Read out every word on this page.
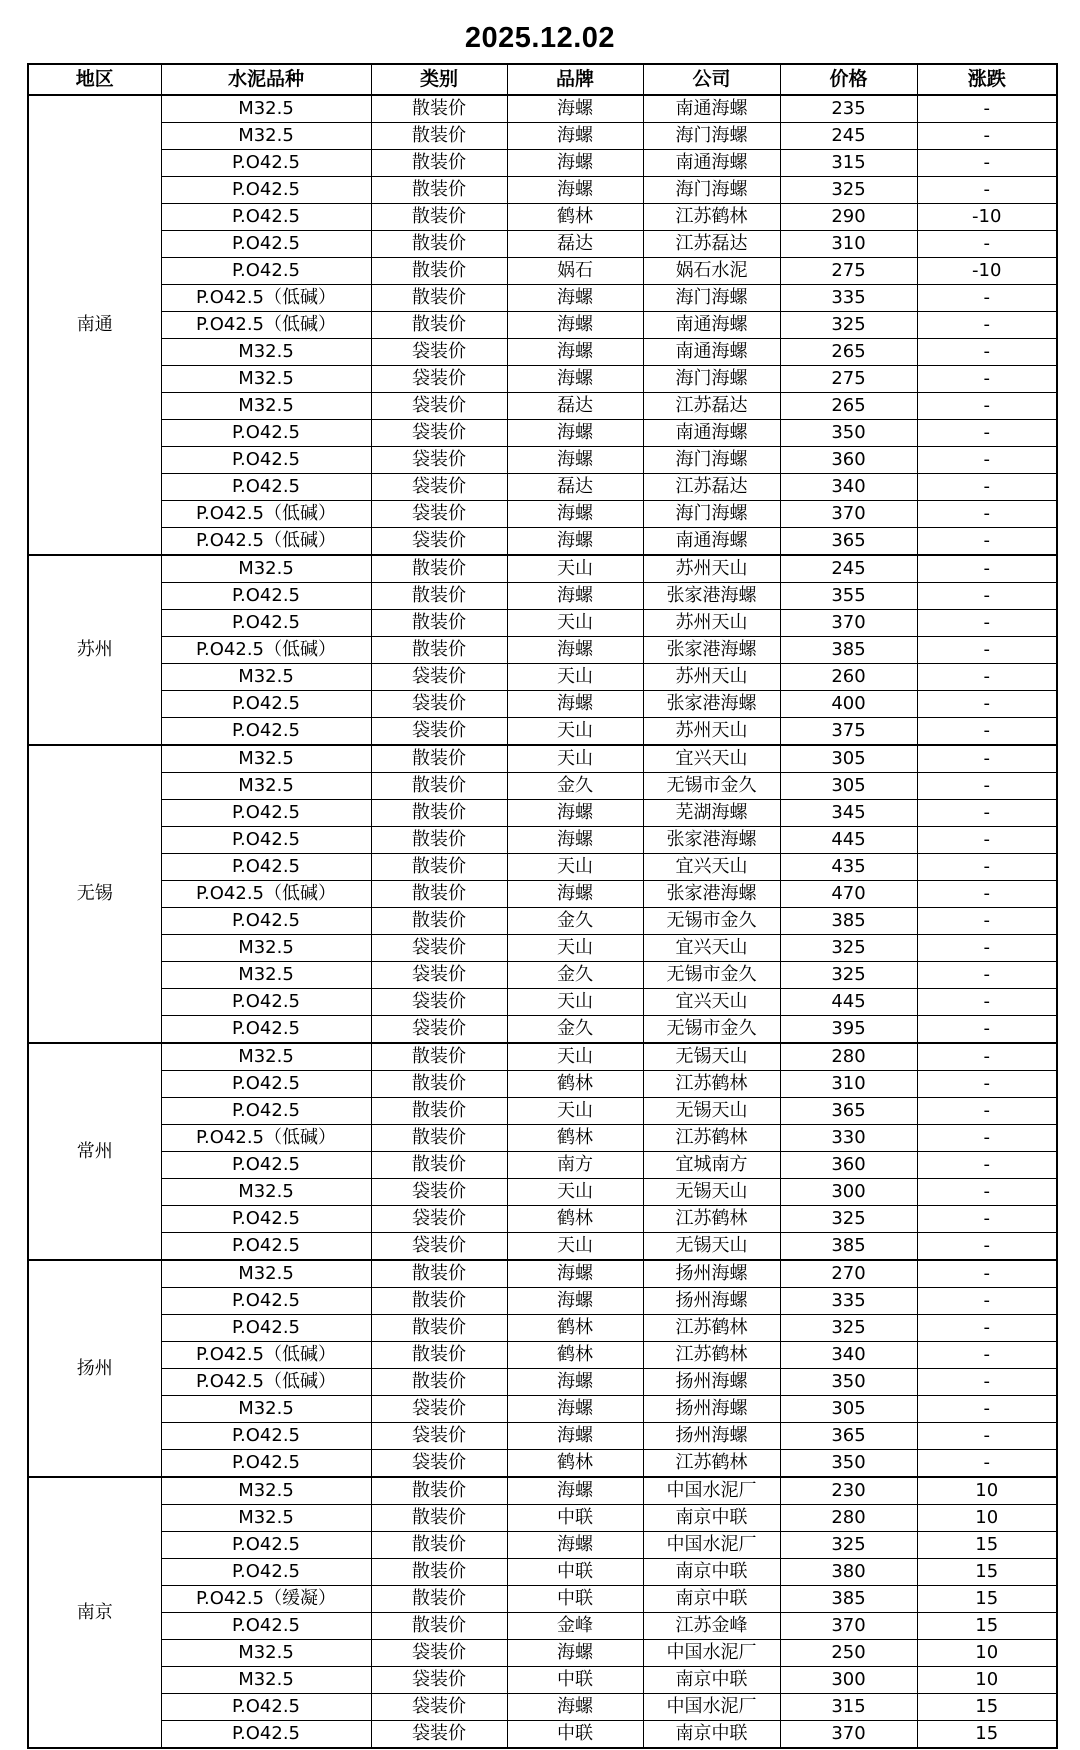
2025.12.02
地区	水泥品种	类别	品牌	公司	价格	涨跌
南通	M32.5	散装价	海螺	南通海螺	235	-
	M32.5	散装价	海螺	海门海螺	245	-
	P.O42.5	散装价	海螺	南通海螺	315	-
	P.O42.5	散装价	海螺	海门海螺	325	-
	P.O42.5	散装价	鹤林	江苏鹤林	290	-10
	P.O42.5	散装价	磊达	江苏磊达	310	-
	P.O42.5	散装价	娲石	娲石水泥	275	-10
	P.O42.5（低碱）	散装价	海螺	海门海螺	335	-
	P.O42.5（低碱）	散装价	海螺	南通海螺	325	-
	M32.5	袋装价	海螺	南通海螺	265	-
	M32.5	袋装价	海螺	海门海螺	275	-
	M32.5	袋装价	磊达	江苏磊达	265	-
	P.O42.5	袋装价	海螺	南通海螺	350	-
	P.O42.5	袋装价	海螺	海门海螺	360	-
	P.O42.5	袋装价	磊达	江苏磊达	340	-
	P.O42.5（低碱）	袋装价	海螺	海门海螺	370	-
	P.O42.5（低碱）	袋装价	海螺	南通海螺	365	-
苏州	M32.5	散装价	天山	苏州天山	245	-
	P.O42.5	散装价	海螺	张家港海螺	355	-
	P.O42.5	散装价	天山	苏州天山	370	-
	P.O42.5（低碱）	散装价	海螺	张家港海螺	385	-
	M32.5	袋装价	天山	苏州天山	260	-
	P.O42.5	袋装价	海螺	张家港海螺	400	-
	P.O42.5	袋装价	天山	苏州天山	375	-
无锡	M32.5	散装价	天山	宜兴天山	305	-
	M32.5	散装价	金久	无锡市金久	305	-
	P.O42.5	散装价	海螺	芜湖海螺	345	-
	P.O42.5	散装价	海螺	张家港海螺	445	-
	P.O42.5	散装价	天山	宜兴天山	435	-
	P.O42.5（低碱）	散装价	海螺	张家港海螺	470	-
	P.O42.5	散装价	金久	无锡市金久	385	-
	M32.5	袋装价	天山	宜兴天山	325	-
	M32.5	袋装价	金久	无锡市金久	325	-
	P.O42.5	袋装价	天山	宜兴天山	445	-
	P.O42.5	袋装价	金久	无锡市金久	395	-
常州	M32.5	散装价	天山	无锡天山	280	-
	P.O42.5	散装价	鹤林	江苏鹤林	310	-
	P.O42.5	散装价	天山	无锡天山	365	-
	P.O42.5（低碱）	散装价	鹤林	江苏鹤林	330	-
	P.O42.5	散装价	南方	宜城南方	360	-
	M32.5	袋装价	天山	无锡天山	300	-
	P.O42.5	袋装价	鹤林	江苏鹤林	325	-
	P.O42.5	袋装价	天山	无锡天山	385	-
扬州	M32.5	散装价	海螺	扬州海螺	270	-
	P.O42.5	散装价	海螺	扬州海螺	335	-
	P.O42.5	散装价	鹤林	江苏鹤林	325	-
	P.O42.5（低碱）	散装价	鹤林	江苏鹤林	340	-
	P.O42.5（低碱）	散装价	海螺	扬州海螺	350	-
	M32.5	袋装价	海螺	扬州海螺	305	-
	P.O42.5	袋装价	海螺	扬州海螺	365	-
	P.O42.5	袋装价	鹤林	江苏鹤林	350	-
南京	M32.5	散装价	海螺	中国水泥厂	230	10
	M32.5	散装价	中联	南京中联	280	10
	P.O42.5	散装价	海螺	中国水泥厂	325	15
	P.O42.5	散装价	中联	南京中联	380	15
	P.O42.5（缓凝）	散装价	中联	南京中联	385	15
	P.O42.5	散装价	金峰	江苏金峰	370	15
	M32.5	袋装价	海螺	中国水泥厂	250	10
	M32.5	袋装价	中联	南京中联	300	10
	P.O42.5	袋装价	海螺	中国水泥厂	315	15
	P.O42.5	袋装价	中联	南京中联	370	15
